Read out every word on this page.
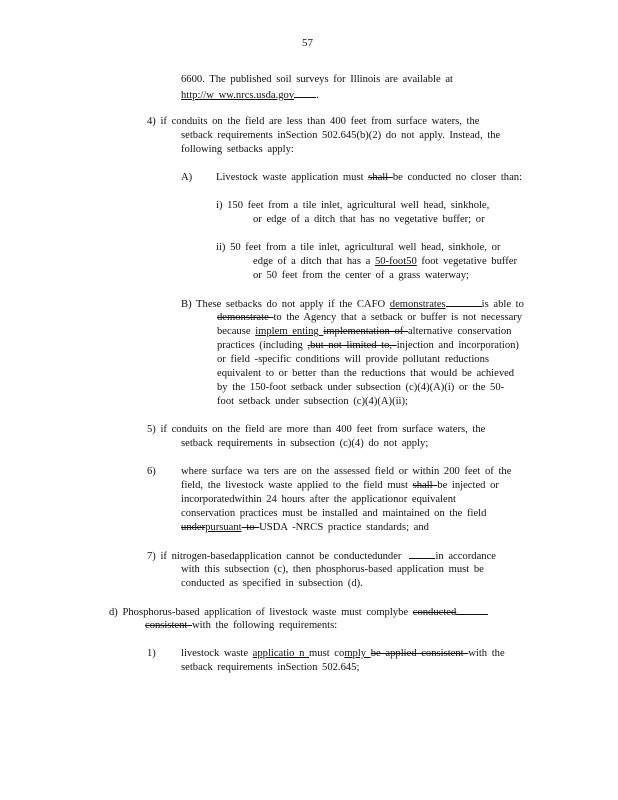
57
6600. The published soil surveys for Illinois are available at
http://w ww.nrcs.usda.gov .
4) if conduits on the field are less than 400 feet from surface waters, the
setback requirements inSection 502.645(b)(2) do not apply. Instead, the
following setbacks apply:
A) Livestock waste application must shall be conducted no closer than:
i) 150 feet from a tile inlet, agricultural well head, sinkhole,
or edge of a ditch that has no vegetative buffer; or
ii) 50 feet from a tile inlet, agricultural well head, sinkhole, or
edge of a ditch that has a 50-foot50 foot vegetative buffer
or 50 feet from the center of a grass waterway;
B) These setbacks do not apply if the CAFO demonstrates	is able to
demonstrate to the Agency that a setback or buffer is not necessary
because implem enting implementation of alternative conservation
practices (including ,but not limited to, injection and incorporation)
or field -specific conditions will provide pollutant reductions
equivalent to or better than the reductions that would be achieved
by the 150-foot setback under subsection (c)(4)(A)(i) or the 50-
foot setback under subsection (c)(4)(A)(ii);
5) if conduits on the field are more than 400 feet from surface waters, the
setback requirements in subsection (c)(4) do not apply;
6) where surface wa ters are on the assessed field or within 200 feet of the
field, the livestock waste applied to the field must shall be injected or
incorporatedwithin 24 hours after the applicationor equivalent
conservation practices must be installed and maintained on the field
underpursuant to USDA -NRCS practice standards; and
7) if nitrogen-basedapplication cannot be conductedunder	in accordance
with this subsection (c), then phosphorus-based application must be
conducted as specified in subsection (d).
d) Phosphorus-based application of livestock waste must complybe conducted
consistent with the following requirements:
1) livestock waste applicatio n must comply be applied consistent with the
setback requirements inSection 502.645;
